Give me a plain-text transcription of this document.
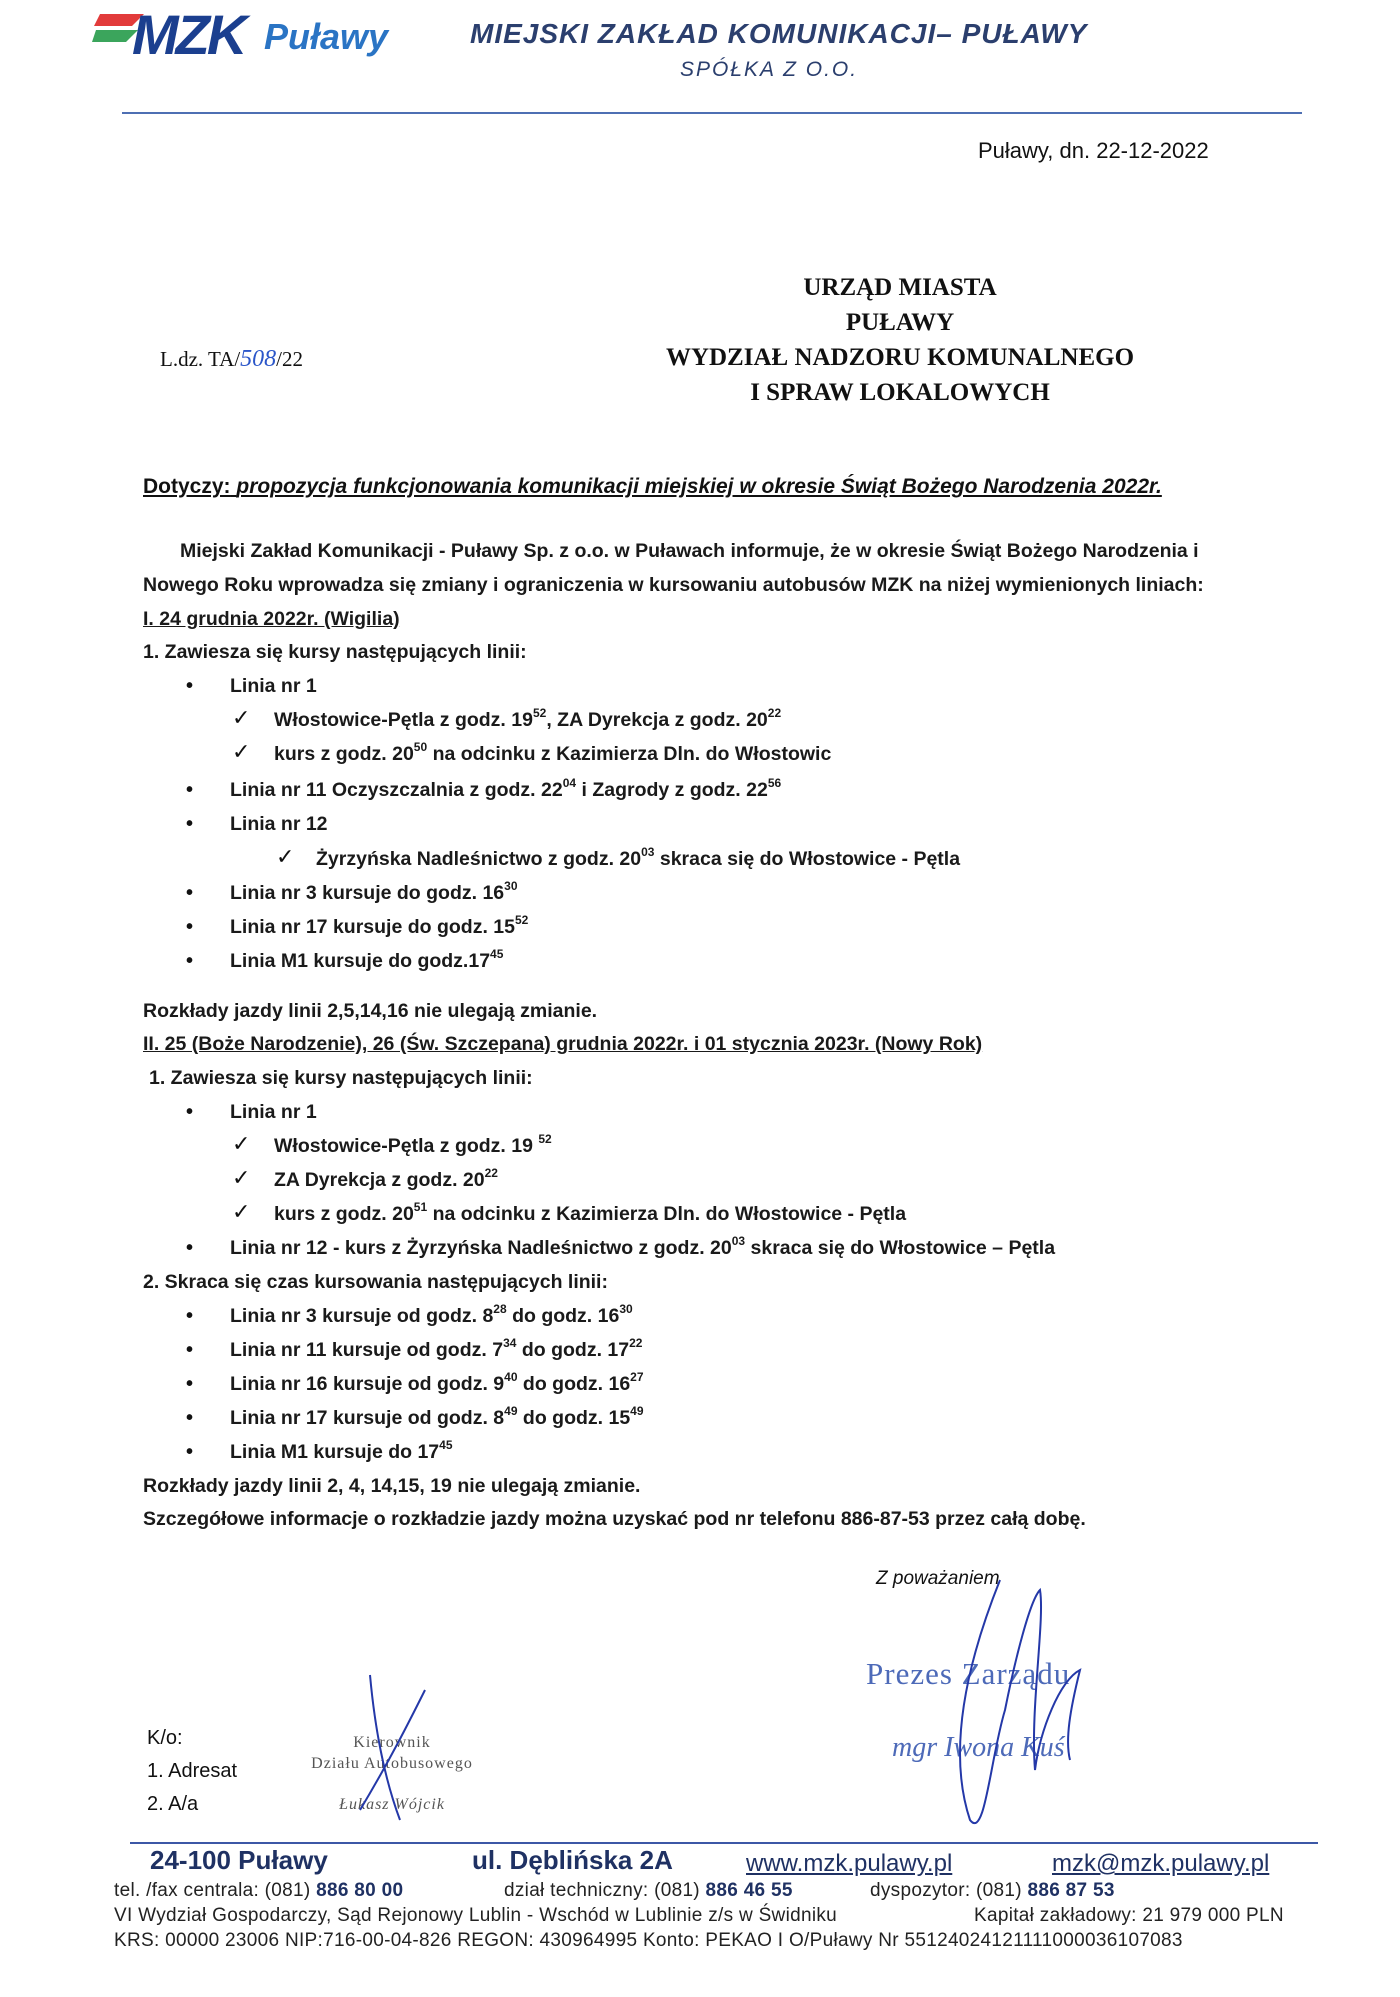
MZK Puławy	MIEJSKI ZAKŁAD KOMUNIKACJI– PUŁAWY
SPÓŁKA Z O.O.
Puławy, dn. 22-12-2022
URZĄD MIASTA
PUŁAWY
WYDZIAŁ NADZORU KOMUNALNEGO
I SPRAW LOKALOWYCH
L.dz. TA/508/22
Dotyczy: propozycja funkcjonowania komunikacji miejskiej w okresie Świąt Bożego Narodzenia 2022r.
Miejski Zakład Komunikacji - Puławy Sp. z o.o. w Puławach informuje, że w okresie Świąt Bożego Narodzenia i
Nowego Roku wprowadza się zmiany i ograniczenia w kursowaniu autobusów MZK na niżej wymienionych liniach:
I. 24 grudnia 2022r. (Wigilia)
1. Zawiesza się kursy następujących linii:
• Linia nr 1
✓ Włostowice-Pętla z godz. $19^{52}$, ZA Dyrekcja z godz. $20^{22}$
✓ kurs z godz. $20^{50}$ na odcinku z Kazimierza Dln. do Włostowic
• Linia nr 11 Oczyszczalnia z godz. $22^{04}$ i Zagrody z godz. $22^{56}$
• Linia nr 12
✓ Żyrzyńska Nadleśnictwo z godz. $20^{03}$ skraca się do Włostowice - Pętla
• Linia nr 3 kursuje do godz. $16^{30}$
• Linia nr 17 kursuje do godz. $15^{52}$
• Linia M1 kursuje do $godz.17^{45}$
Rozkłady jazdy linii 2,5,14,16 nie ulegają zmianie.
II. 25 (Boże Narodzenie), 26 (Św. Szczepana) grudnia 2022r. i 01 stycznia 2023r. (Nowy Rok)
1. Zawiesza się kursy następujących linii:
• Linia nr 1
✓ Włostowice-Pętla z godz. 19 $^{52}$
✓ ZA Dyrekcja z godz. $20^{22}$
✓ kurs z godz. $20^{51}$ na odcinku z Kazimierza Dln. do Włostowice - Pętla
• Linia nr 12 - kurs z Żyrzyńska Nadleśnictwo z godz. $20^{03}$ skraca się do Włostowice – Pętla
2. Skraca się czas kursowania następujących linii:
• Linia nr 3 kursuje od godz. $8^{28}$ do godz. $16^{30}$
• Linia nr 11 kursuje od godz. $7^{34}$ do godz. $17^{22}$
• Linia nr 16 kursuje od godz. $9^{40}$ do godz. $16^{27}$
• Linia nr 17 kursuje od godz. $8^{49}$ do godz. $15^{49}$
• Linia M1 kursuje do $17^{45}$
Rozkłady jazdy linii 2, 4, 14,15, 19 nie ulegają zmianie.
Szczegółowe informacje o rozkładzie jazdy można uzyskać pod nr telefonu 886-87-53 przez całą dobę.
Z poważaniem
Prezes Zarządu
mgr Iwona Kuś
K/o:
1. Adresat
2. A/a
Kierownik
Działu Autobusowego
Łukasz Wójcik
24-100 Puławy	ul. Dęblińska 2A	www.mzk.pulawy.pl	mzk@mzk.pulawy.pl
tel. /fax centrala: (081) 886 80 00	dział techniczny: (081) 886 46 55	dyspozytor: (081) 886 87 53
VI Wydział Gospodarczy, Sąd Rejonowy Lublin - Wschód w Lublinie z/s w Świdniku	Kapitał zakładowy: 21 979 000 PLN
KRS: 00000 23006 NIP:716-00-04-826 REGON: 430964995 Konto: PEKAO I O/Puławy Nr 55124024121111000036107083
